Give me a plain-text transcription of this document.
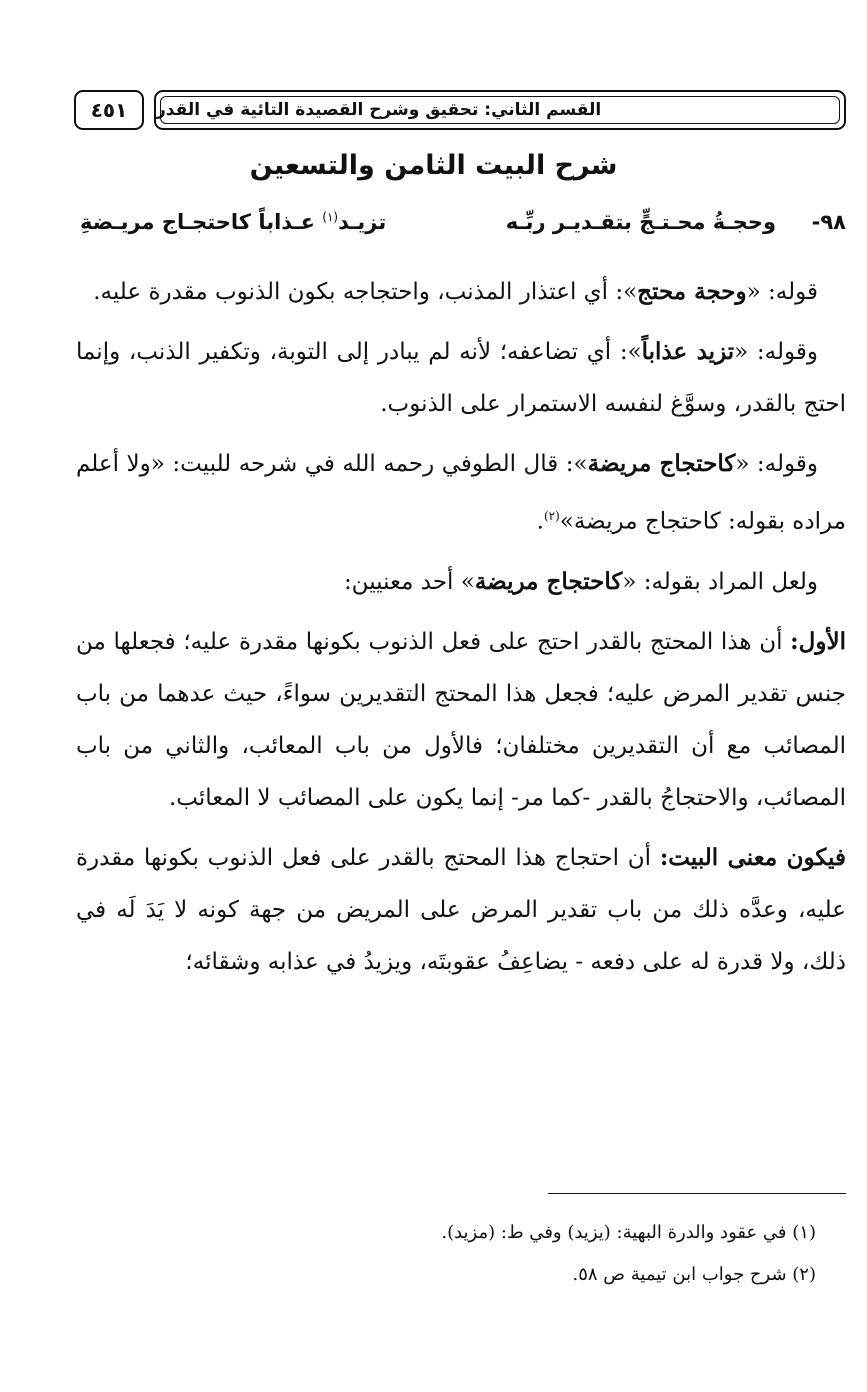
٤٥١	القسم الثاني: تحقيق وشرح القصيدة التائية في القدر
شرح البيت الثامن والتسعين
٩٨-
وحجـةُ محـتـجٍّ بتقـديـر ربِّـه
تزيـد$^{(١)}$ عـذاباً كاحتجـاج مريـضةِ

قوله: «وحجة محتج»: أي اعتذار المذنب، واحتجاجه بكون الذنوب مقدرة عليه.

وقوله: «تزيد عذاباً»: أي تضاعفه؛ لأنه لم يبادر إلى التوبة، وتكفير الذنب، وإنما احتج بالقدر، وسوَّغ لنفسه الاستمرار على الذنوب.

وقوله: «كاحتجاج مريضة»: قال الطوفي رحمه الله في شرحه للبيت: «ولا أعلم مراده بقوله: كاحتجاج مريضة»$^{(٢)}$.

ولعل المراد بقوله: «كاحتجاج مريضة» أحد معنيين:

الأول: أن هذا المحتج بالقدر احتج على فعل الذنوب بكونها مقدرة عليه؛ فجعلها من جنس تقدير المرض عليه؛ فجعل هذا المحتج التقديرين سواءً، حيث عدهما من باب المصائب مع أن التقديرين مختلفان؛ فالأول من باب المعائب، والثاني من باب المصائب، والاحتجاجُ بالقدر -كما مر- إنما يكون على المصائب لا المعائب.

فيكون معنى البيت: أن احتجاج هذا المحتج بالقدر على فعل الذنوب بكونها مقدرة عليه، وعدَّه ذلك من باب تقدير المرض على المريض من جهة كونه لا يَدَ لَه في ذلك، ولا قدرة له على دفعه - يضاعِفُ عقوبتَه، ويزيدُ في عذابه وشقائه؛

(١) في عقود والدرة البهية: (يزيد) وفي ط: (مزيد).
(٢) شرح جواب ابن تيمية ص ٥٨.
